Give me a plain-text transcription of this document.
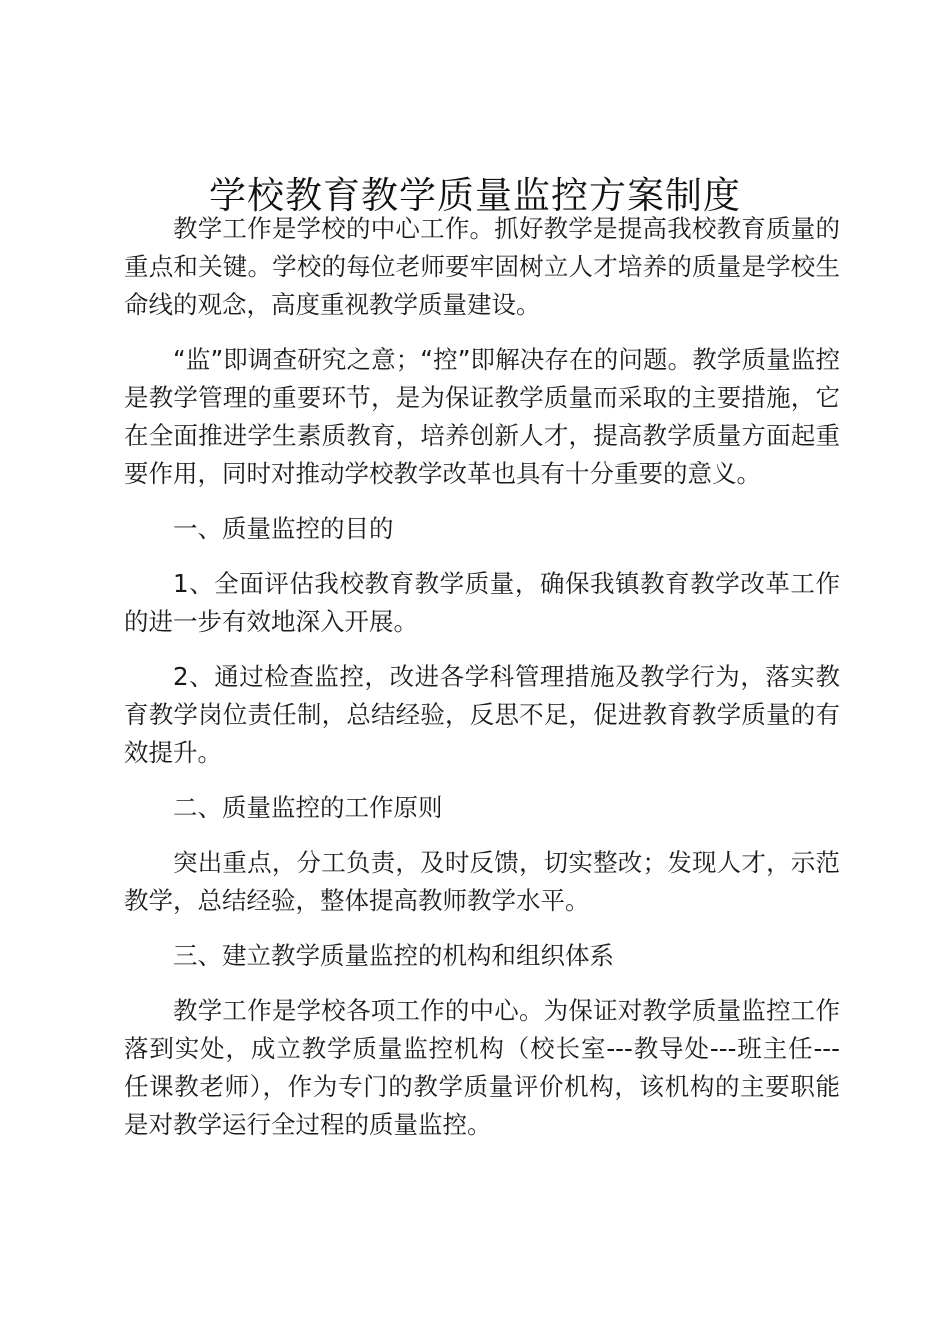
学校教育教学质量监控方案制度

教学工作是学校的中心工作。抓好教学是提高我校教育质量的重点和关键。学校的每位老师要牢固树立人才培养的质量是学校生命线的观念，高度重视教学质量建设。

“监”即调查研究之意；“控”即解决存在的问题。教学质量监控是教学管理的重要环节，是为保证教学质量而采取的主要措施，它在全面推进学生素质教育，培养创新人才，提高教学质量方面起重要作用，同时对推动学校教学改革也具有十分重要的意义。

一、质量监控的目的

1、全面评估我校教育教学质量，确保我镇教育教学改革工作的进一步有效地深入开展。

2、通过检查监控，改进各学科管理措施及教学行为，落实教育教学岗位责任制，总结经验，反思不足，促进教育教学质量的有效提升。

二、质量监控的工作原则

突出重点，分工负责，及时反馈，切实整改；发现人才，示范教学，总结经验，整体提高教师教学水平。

三、建立教学质量监控的机构和组织体系

教学工作是学校各项工作的中心。为保证对教学质量监控工作落到实处，成立教学质量监控机构（校长室---教导处---班主任---任课教老师），作为专门的教学质量评价机构，该机构的主要职能是对教学运行全过程的质量监控。
